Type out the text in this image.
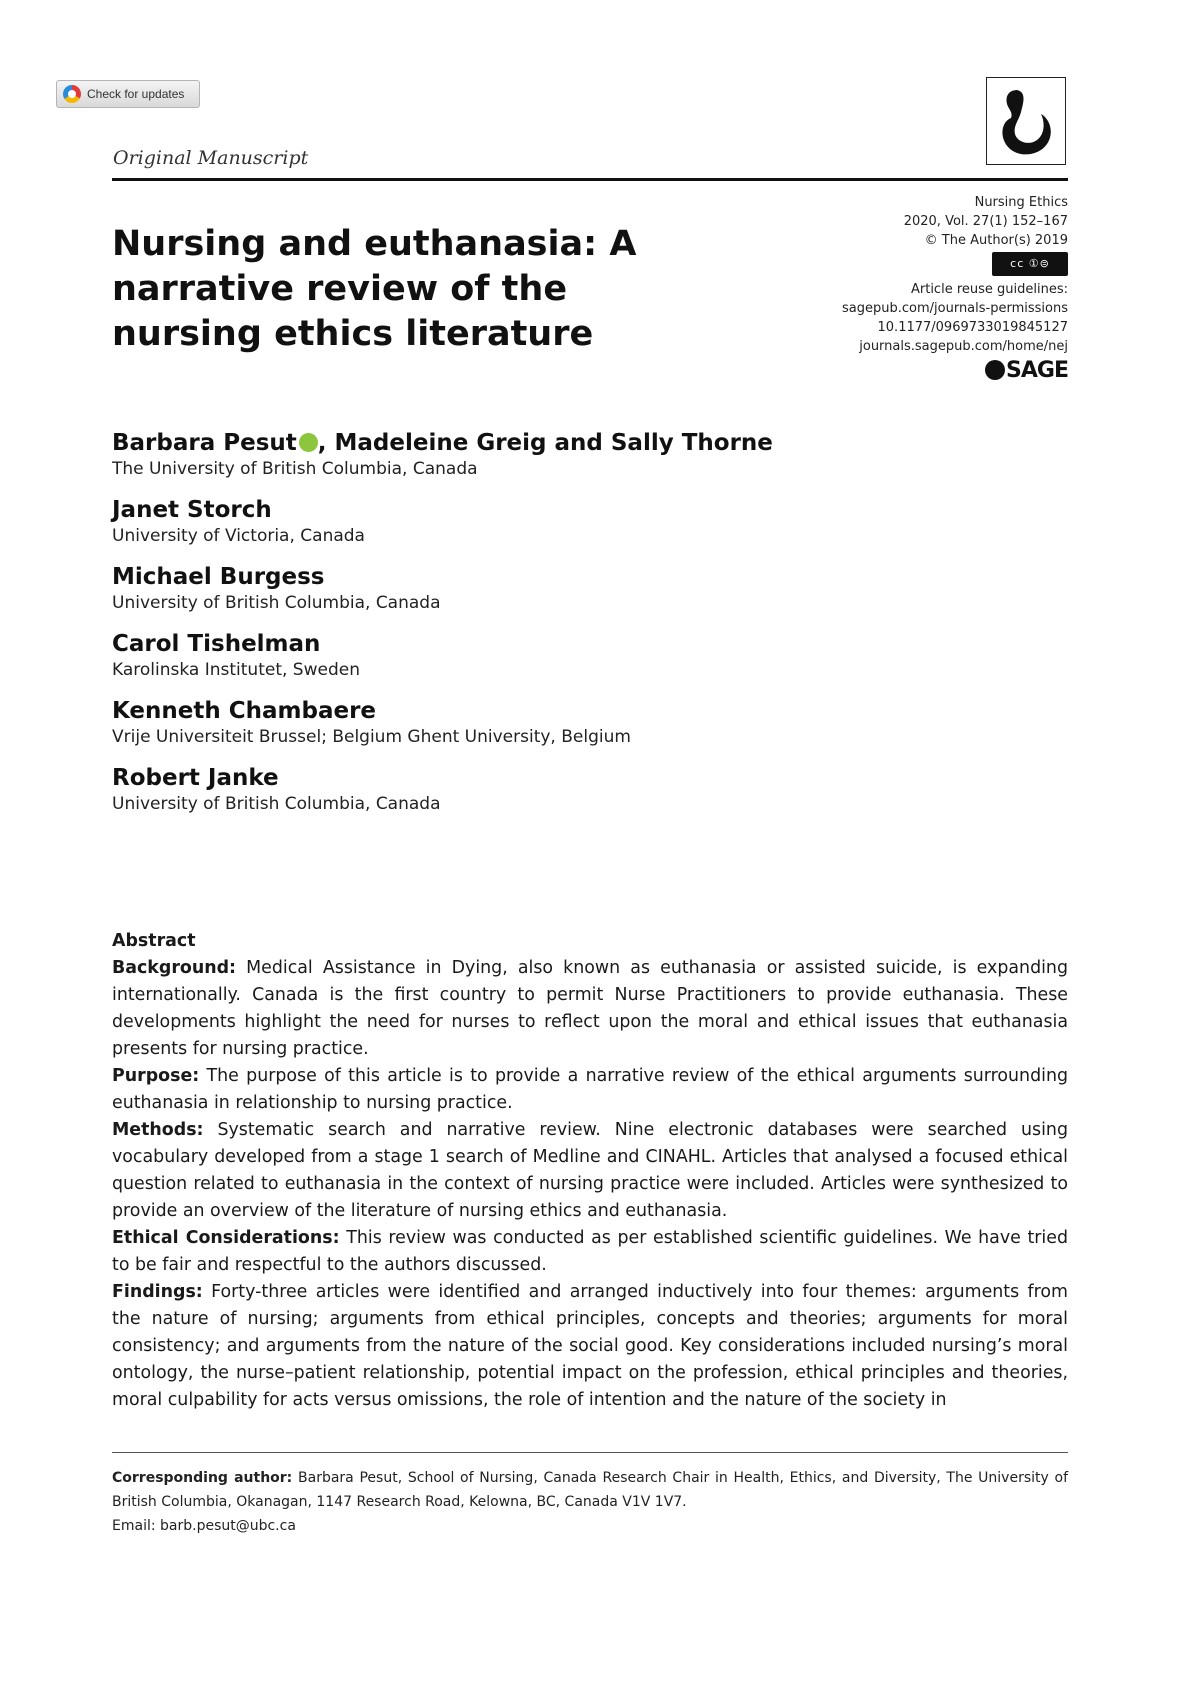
Check for updates
Original Manuscript
Nursing and euthanasia: A narrative review of the nursing ethics literature
Nursing Ethics
2020, Vol. 27(1) 152–167
© The Author(s) 2019
cc ①⊜
Article reuse guidelines:
sagepub.com/journals-permissions
10.1177/0969733019845127
journals.sagepub.com/home/nej
SAGE
Barbara Pesut , Madeleine Greig and Sally Thorne
The University of British Columbia, Canada
Janet Storch
University of Victoria, Canada
Michael Burgess
University of British Columbia, Canada
Carol Tishelman
Karolinska Institutet, Sweden
Kenneth Chambaere
Vrije Universiteit Brussel; Belgium Ghent University, Belgium
Robert Janke
University of British Columbia, Canada

Abstract

Background: Medical Assistance in Dying, also known as euthanasia or assisted suicide, is expanding internationally. Canada is the first country to permit Nurse Practitioners to provide euthanasia. These developments highlight the need for nurses to reflect upon the moral and ethical issues that euthanasia presents for nursing practice.

Purpose: The purpose of this article is to provide a narrative review of the ethical arguments surrounding euthanasia in relationship to nursing practice.

Methods: Systematic search and narrative review. Nine electronic databases were searched using vocabulary developed from a stage 1 search of Medline and CINAHL. Articles that analysed a focused ethical question related to euthanasia in the context of nursing practice were included. Articles were synthesized to provide an overview of the literature of nursing ethics and euthanasia.

Ethical Considerations: This review was conducted as per established scientific guidelines. We have tried to be fair and respectful to the authors discussed.

Findings: Forty-three articles were identified and arranged inductively into four themes: arguments from the nature of nursing; arguments from ethical principles, concepts and theories; arguments for moral consistency; and arguments from the nature of the social good. Key considerations included nursing’s moral ontology, the nurse–patient relationship, potential impact on the profession, ethical principles and theories, moral culpability for acts versus omissions, the role of intention and the nature of the society in

Corresponding author: Barbara Pesut, School of Nursing, Canada Research Chair in Health, Ethics, and Diversity, The University of British Columbia, Okanagan, 1147 Research Road, Kelowna, BC, Canada V1V 1V7.
Email: barb.pesut@ubc.ca
